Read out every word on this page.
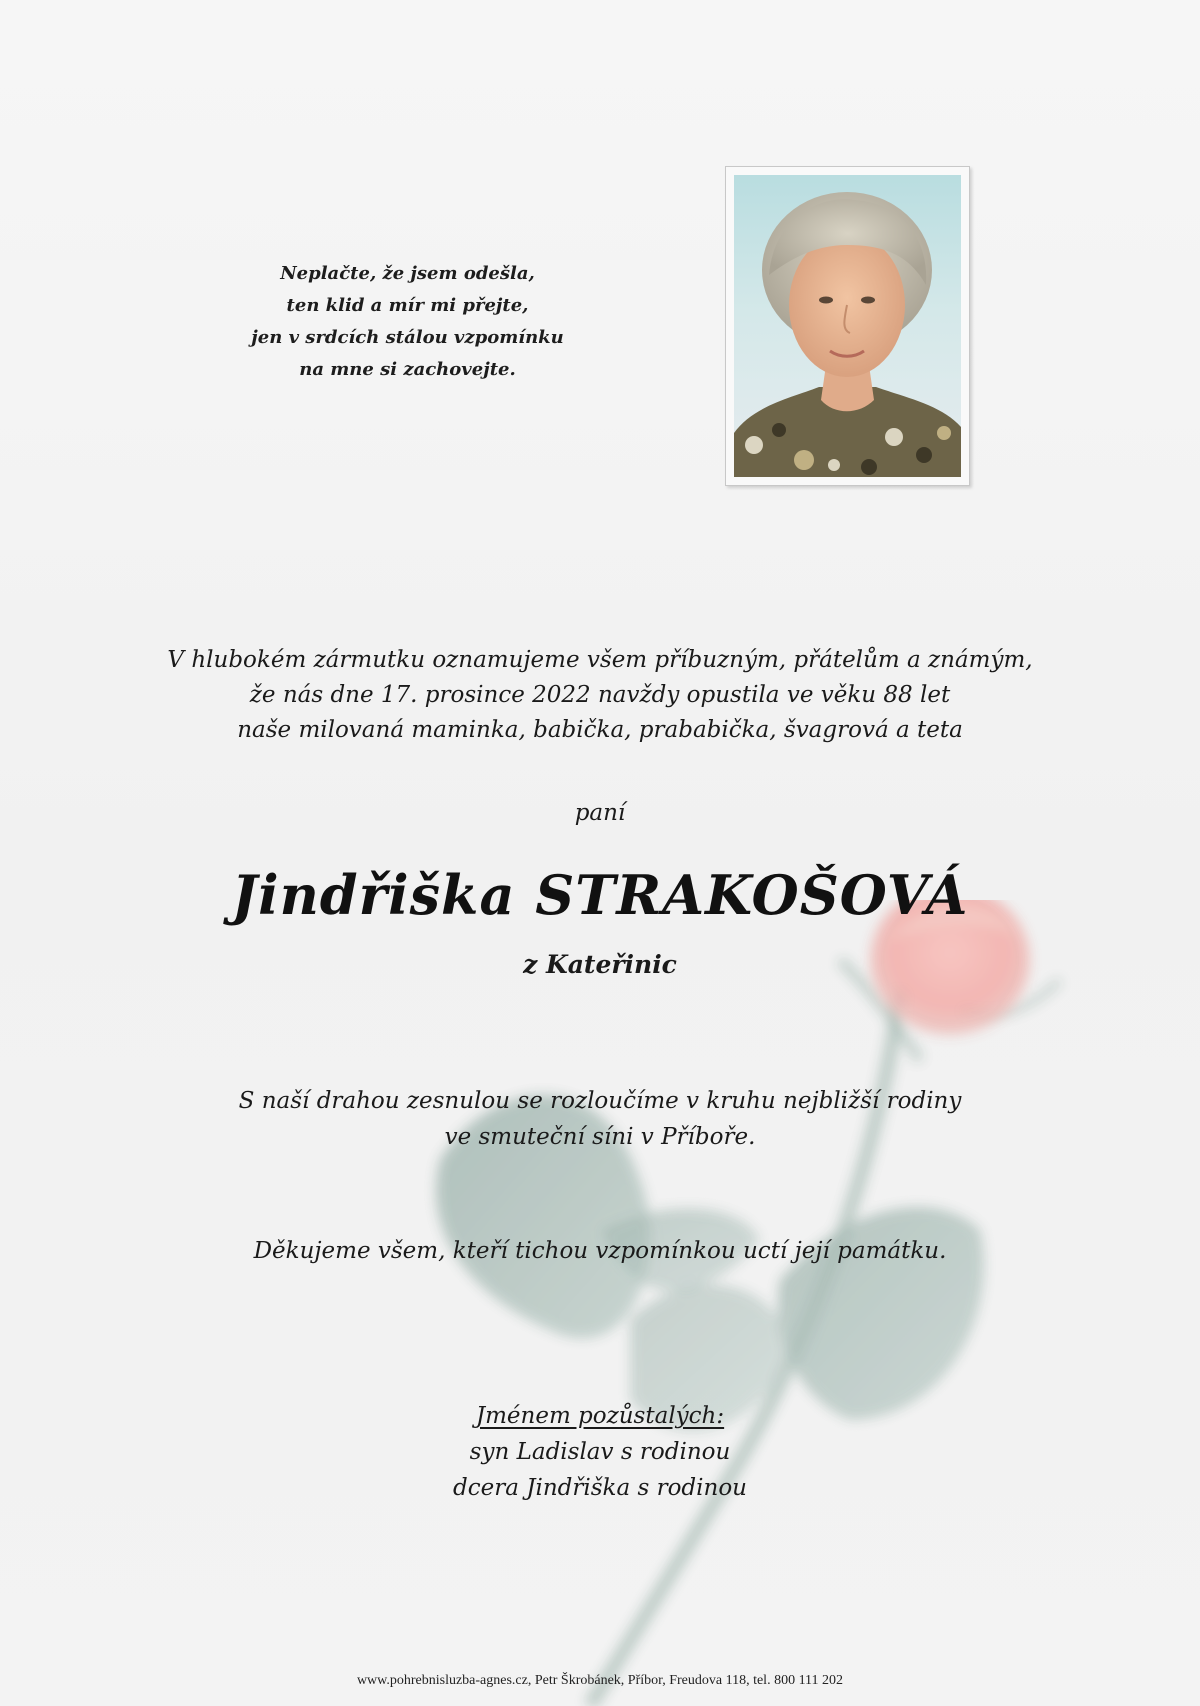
Neplačte, že jsem odešla,
ten klid a mír mi přejte,
jen v srdcích stálou vzpomínku
na mne si zachovejte.
V hlubokém zármutku oznamujeme všem příbuzným, přátelům a známým,
že nás dne 17. prosince 2022 navždy opustila ve věku 88 let
naše milovaná maminka, babička, prababička, švagrová a teta
paní
Jindřiška STRAKOŠOVÁ
z Kateřinic
S naší drahou zesnulou se rozloučíme v kruhu nejbližší rodiny
ve smuteční síni v Příboře.
Děkujeme všem, kteří tichou vzpomínkou uctí její památku.
Jménem pozůstalých:
syn Ladislav s rodinou
dcera Jindřiška s rodinou
www.pohrebnisluzba-agnes.cz, Petr Škrobánek, Příbor, Freudova 118, tel. 800 111 202
